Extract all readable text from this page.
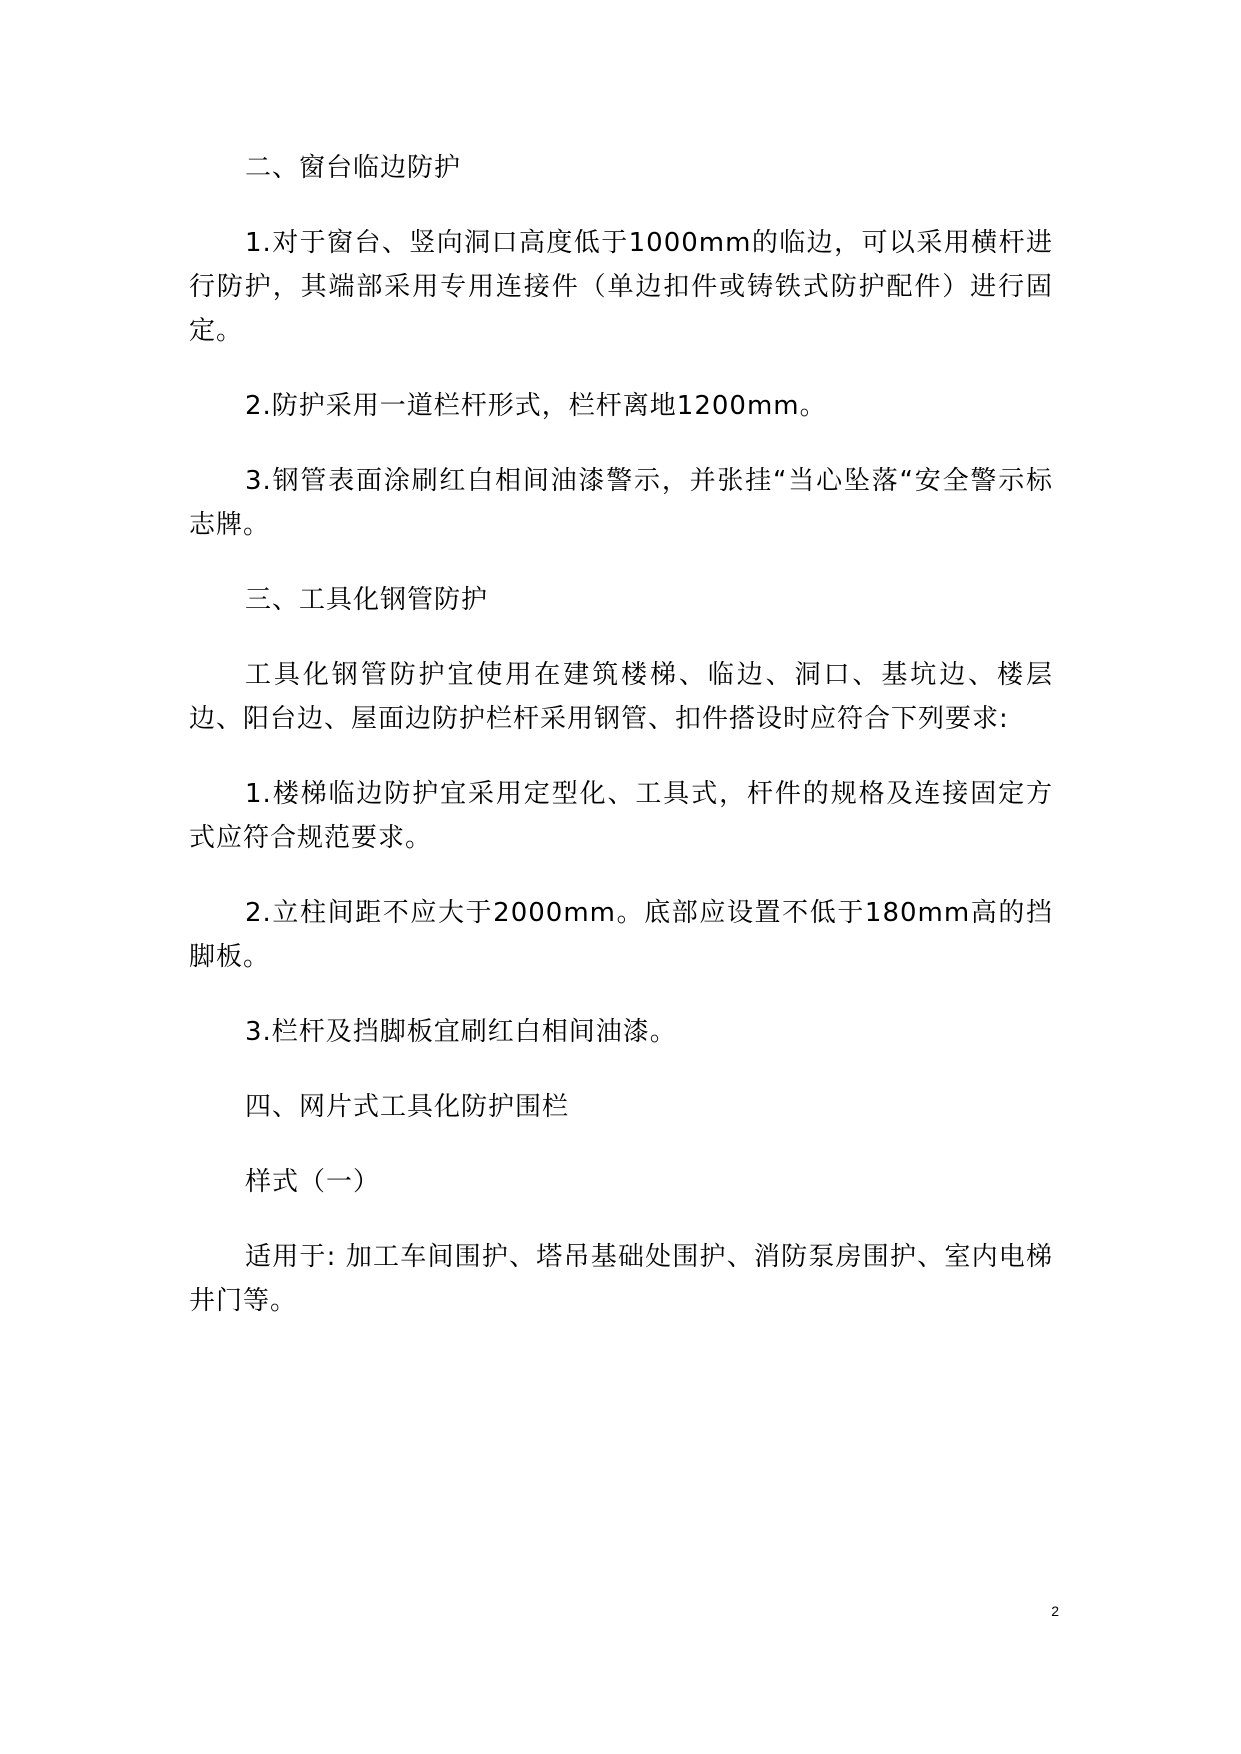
二、窗台临边防护

1.对于窗台、竖向洞口高度低于1000mm的临边，可以采用横杆进行防护，其端部采用专用连接件（单边扣件或铸铁式防护配件）进行固定。

2.防护采用一道栏杆形式，栏杆离地1200mm。

3.钢管表面涂刷红白相间油漆警示，并张挂“当心坠落“安全警示标志牌。

三、工具化钢管防护

工具化钢管防护宜使用在建筑楼梯、临边、洞口、基坑边、楼层边、阳台边、屋面边防护栏杆采用钢管、扣件搭设时应符合下列要求:

1.楼梯临边防护宜采用定型化、工具式，杆件的规格及连接固定方式应符合规范要求。

2.立柱间距不应大于2000mm。底部应设置不低于180mm高的挡脚板。

3.栏杆及挡脚板宜刷红白相间油漆。

四、网片式工具化防护围栏

样式（一）

适用于: 加工车间围护、塔吊基础处围护、消防泵房围护、室内电梯井门等。

2
